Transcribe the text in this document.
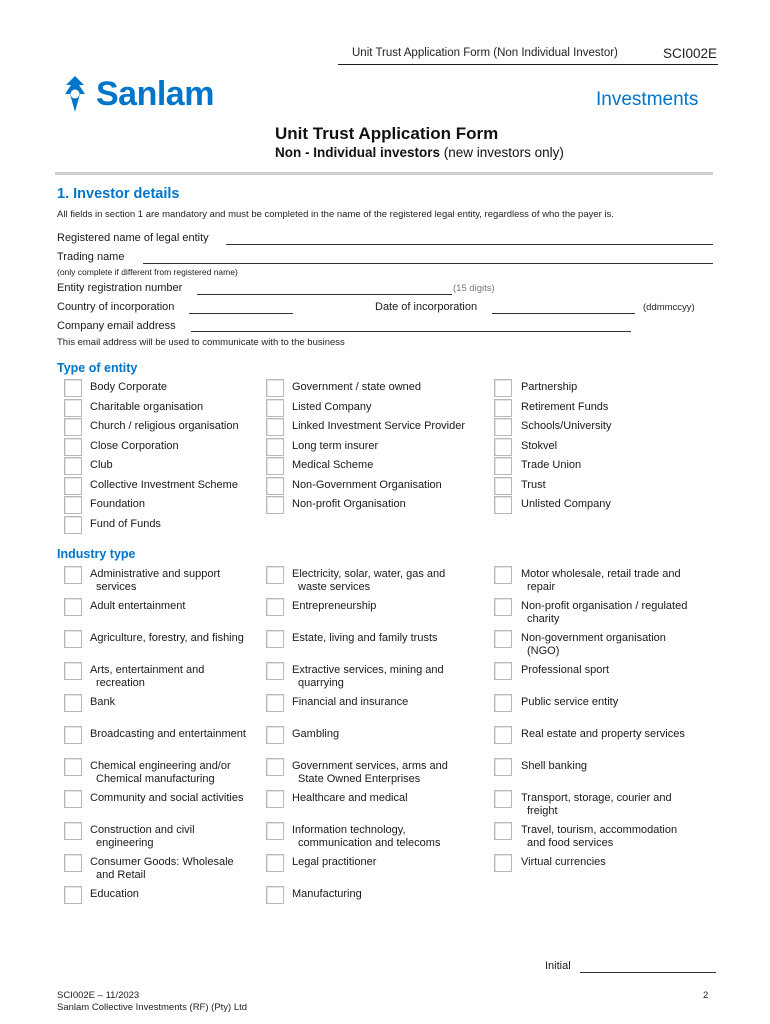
Unit Trust Application Form (Non Individual Investor)	SCI002E
Sanlam	Investments
Unit Trust Application Form
Non - Individual investors (new investors only)
1. Investor details
All fields in section 1 are mandatory and must be completed in the name of the registered legal entity, regardless of who the payer is.
Registered name of legal entity
Trading name
(only complete if different from registered name)
Entity registration number	(15 digits)
Country of incorporation	Date of incorporation	(ddmmccyy)
Company email address
This email address will be used to communicate with to the business
Type of entity
Body Corporate
Charitable organisation
Church / religious organisation
Close Corporation
Club
Collective Investment Scheme
Foundation
Fund of Funds
Government / state owned
Listed Company
Linked Investment Service Provider
Long term insurer
Medical Scheme
Non-Government Organisation
Non-profit Organisation
Partnership
Retirement Funds
Schools/University
Stokvel
Trade Union
Trust
Unlisted Company
Industry type
Administrative and support
services
Adult entertainment
Agriculture, forestry, and fishing
Arts, entertainment and
recreation
Bank
Broadcasting and entertainment
Chemical engineering and/or
Chemical manufacturing
Community and social activities
Construction and civil
engineering
Consumer Goods: Wholesale
and Retail
Education
Electricity, solar, water, gas and
waste services
Entrepreneurship
Estate, living and family trusts
Extractive services, mining and
quarrying
Financial and insurance
Gambling
Government services, arms and
State Owned Enterprises
Healthcare and medical
Information technology,
communication and telecoms
Legal practitioner
Manufacturing
Motor wholesale, retail trade and
repair
Non-profit organisation / regulated
charity
Non-government organisation
(NGO)
Professional sport
Public service entity
Real estate and property services
Shell banking
Transport, storage, courier and
freight
Travel, tourism, accommodation
and food services
Virtual currencies
Initial
SCI002E – 11/2023
Sanlam Collective Investments (RF) (Pty) Ltd
2
